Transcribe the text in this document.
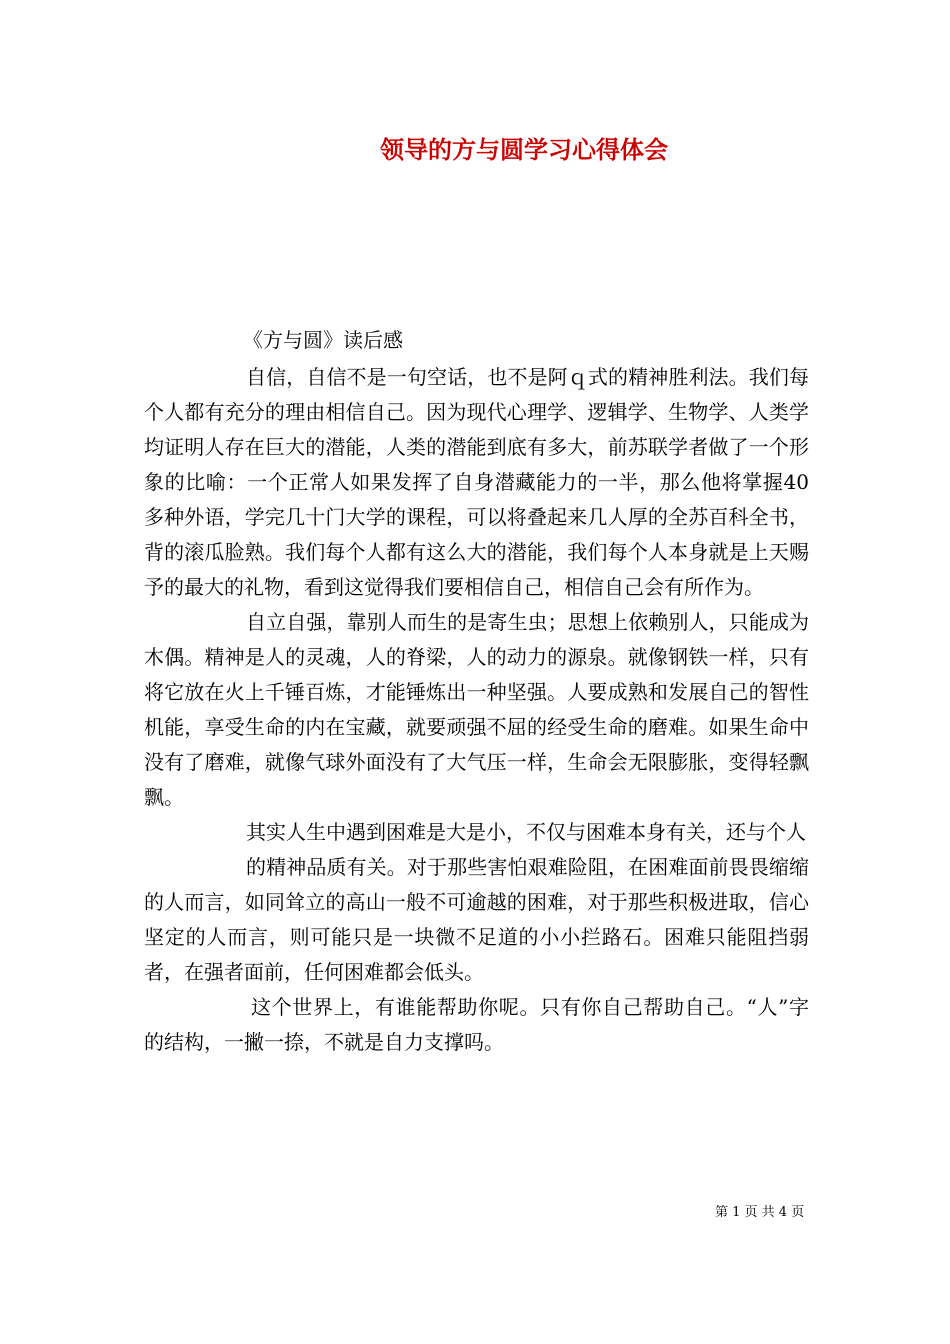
领导的方与圆学习心得体会
《方与圆》读后感

自信，自信不是一句空话，也不是阿ｑ式的精神胜利法。我们每个人都有充分的理由相信自己。因为现代心理学、逻辑学、生物学、人类学均证明人存在巨大的潜能，人类的潜能到底有多大，前苏联学者做了一个形象的比喻：一个正常人如果发挥了自身潜藏能力的一半，那么他将掌握40多种外语，学完几十门大学的课程，可以将叠起来几人厚的全苏百科全书，背的滚瓜脸熟。我们每个人都有这么大的潜能，我们每个人本身就是上天赐予的最大的礼物，看到这觉得我们要相信自己，相信自己会有所作为。

自立自强，靠别人而生的是寄生虫；思想上依赖别人，只能成为木偶。精神是人的灵魂，人的脊梁，人的动力的源泉。就像钢铁一样，只有将它放在火上千锤百炼，才能锤炼出一种坚强。人要成熟和发展自己的智性机能，享受生命的内在宝藏，就要顽强不屈的经受生命的磨难。如果生命中没有了磨难，就像气球外面没有了大气压一样，生命会无限膨胀，变得轻飘飘。

其实人生中遇到困难是大是小，不仅与困难本身有关，还与个人

的精神品质有关。对于那些害怕艰难险阻，在困难面前畏畏缩缩的人而言，如同耸立的高山一般不可逾越的困难，对于那些积极进取，信心坚定的人而言，则可能只是一块微不足道的小小拦路石。困难只能阻挡弱者，在强者面前，任何困难都会低头。

这个世界上，有谁能帮助你呢。只有你自己帮助自己。“人”字的结构，一撇一捺，不就是自力支撑吗。

第 1 页 共 4 页
